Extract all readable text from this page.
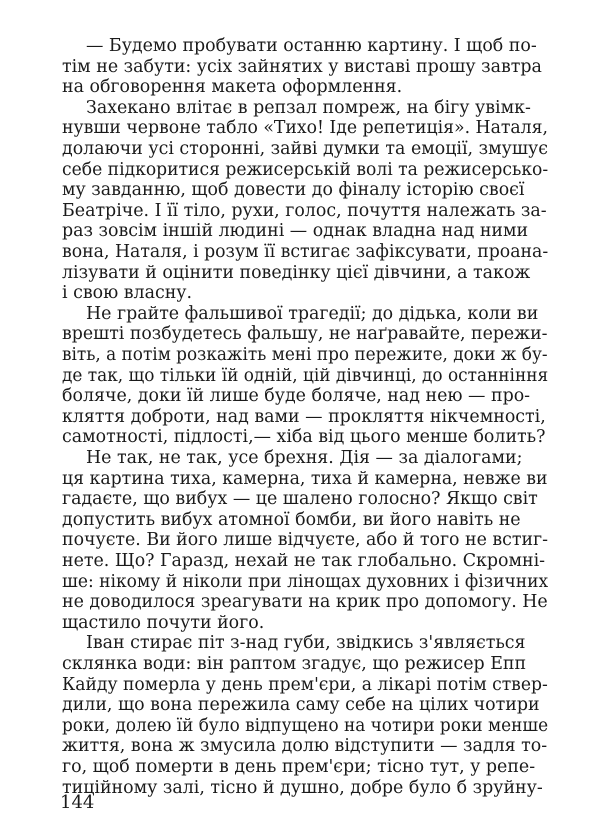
— Будемо пробувати останню картину. І щоб по-
тім не забути: усіх зайнятих у виставі прошу завтра
на обговорення макета оформлення.
Захекано влітає в репзал помреж, на бігу увімк-
нувши червоне табло «Тихо! Іде репетиція». Наталя,
долаючи усі сторонні, зайві думки та емоції, змушує
себе підкоритися режисерській волі та режисерсько-
му завданню, щоб довести до фіналу історію своєї
Беатріче. І її тіло, рухи, голос, почуття належать за-
раз зовсім іншій людині — однак владна над ними
вона, Наталя, і розум її встигає зафіксувати, проана-
лізувати й оцінити поведінку цієї дівчини, а також
і свою власну.
Не грайте фальшивої трагедії; до дідька, коли ви
врешті позбудетесь фальшу, не наґравайте, пережи-
віть, а потім розкажіть мені про пережите, доки ж бу-
де так, що тільки їй одній, цій дівчинці, до останніння
боляче, доки їй лише буде боляче, над нею — про-
кляття доброти, над вами — прокляття нікчемності,
самотності, підлості,— хіба від цього менше болить?
Не так, не так, усе брехня. Дія — за діалогами;
ця картина тиха, камерна, тиха й камерна, невже ви
гадаєте, що вибух — це шалено голосно? Якщо світ
допустить вибух атомної бомби, ви його навіть не
почуєте. Ви його лише відчуєте, або й того не встиг-
нете. Що? Гаразд, нехай не так глобально. Скромні-
ше: нікому й ніколи при лінощах духовних і фізичних
не доводилося зреагувати на крик про допомогу. Не
щастило почути його.
Іван стирає піт з-над губи, звідкись з'являється
склянка води: він раптом згадує, що режисер Епп
Кайду померла у день прем'єри, а лікарі потім ствер-
дили, що вона пережила саму себе на цілих чотири
роки, долею їй було відпущено на чотири роки менше
життя, вона ж змусила долю відступити — задля то-
го, щоб померти в день прем'єри; тісно тут, у репе-
тиційному залі, тісно й душно, добре було б зруйну-
144
